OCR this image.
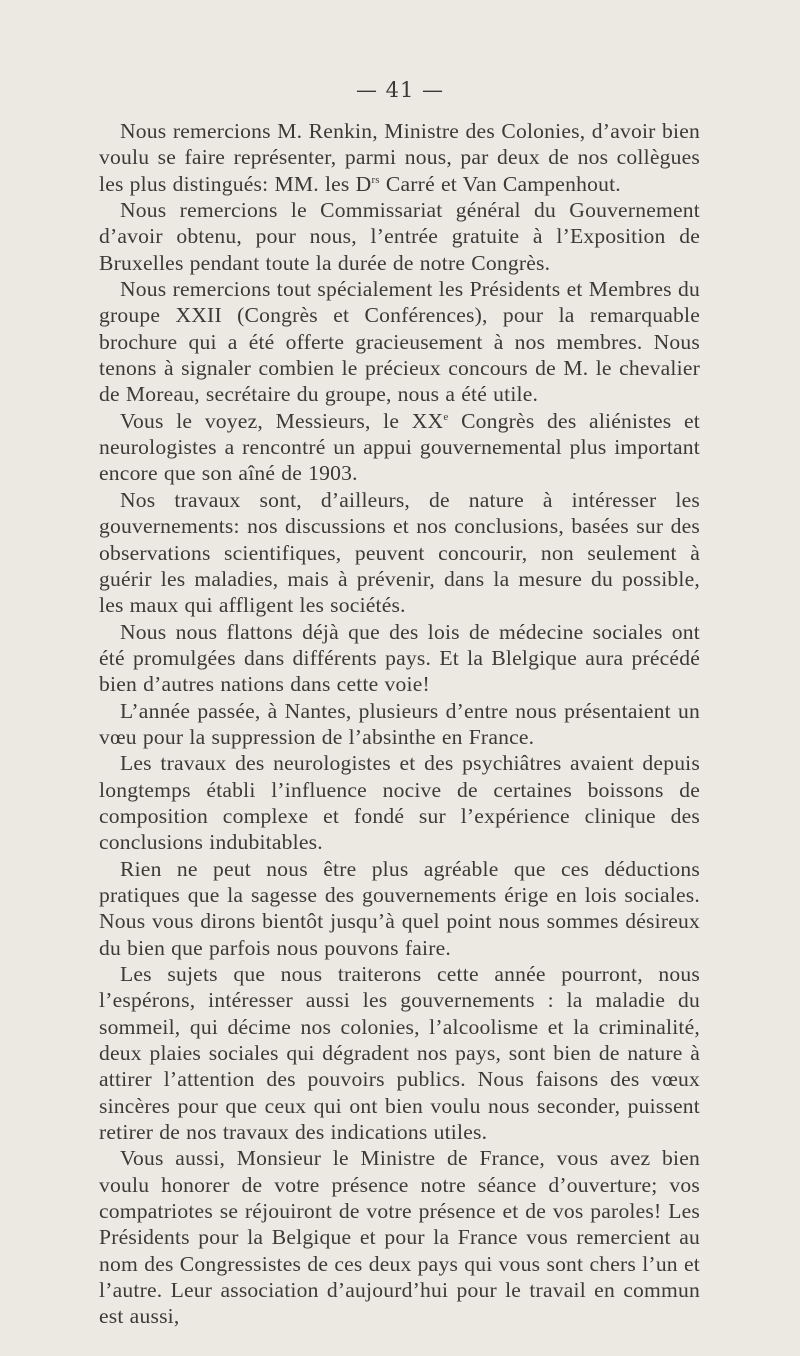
— 41 —

Nous remercions M. Renkin, Ministre des Colonies, d’avoir bien voulu se faire représenter, parmi nous, par deux de nos collègues les plus distingués: MM. les $D^{rs}$ Carré et Van Campenhout.

Nous remercions le Commissariat général du Gouvernement d’avoir obtenu, pour nous, l’entrée gratuite à l’Exposition de Bruxelles pendant toute la durée de notre Congrès.

Nous remercions tout spécialement les Présidents et Membres du groupe XXII (Congrès et Conférences), pour la remarquable brochure qui a été offerte gracieusement à nos membres. Nous tenons à signaler combien le précieux concours de M. le chevalier de Moreau, secrétaire du groupe, nous a été utile.

Vous le voyez, Messieurs, le XXe Congrès des aliénistes et neurologistes a rencontré un appui gouvernemental plus important encore que son aîné de 1903.

Nos travaux sont, d’ailleurs, de nature à intéresser les gouvernements: nos discussions et nos conclusions, basées sur des observations scientifiques, peuvent concourir, non seulement à guérir les maladies, mais à prévenir, dans la mesure du possible, les maux qui affligent les sociétés.

Nous nous flattons déjà que des lois de médecine sociales ont été promulgées dans différents pays. Et la Blelgique aura précédé bien d’autres nations dans cette voie!

L’année passée, à Nantes, plusieurs d’entre nous présentaient un vœu pour la suppression de l’absinthe en France.

Les travaux des neurologistes et des psychiâtres avaient depuis longtemps établi l’influence nocive de certaines boissons de composition complexe et fondé sur l’expérience clinique des conclusions indubitables.

Rien ne peut nous être plus agréable que ces déductions pratiques que la sagesse des gouvernements érige en lois sociales. Nous vous dirons bientôt jusqu’à quel point nous sommes désireux du bien que parfois nous pouvons faire.

Les sujets que nous traiterons cette année pourront, nous l’espérons, intéresser aussi les gouvernements : la maladie du sommeil, qui décime nos colonies, l’alcoolisme et la criminalité, deux plaies sociales qui dégradent nos pays, sont bien de nature à attirer l’attention des pouvoirs publics. Nous faisons des vœux sincères pour que ceux qui ont bien voulu nous seconder, puissent retirer de nos travaux des indications utiles.

Vous aussi, Monsieur le Ministre de France, vous avez bien voulu honorer de votre présence notre séance d’ouverture; vos compatriotes se réjouiront de votre présence et de vos paroles! Les Présidents pour la Belgique et pour la France vous remercient au nom des Congressistes de ces deux pays qui vous sont chers l’un et l’autre. Leur association d’aujourd’hui pour le travail en commun est aussi,
